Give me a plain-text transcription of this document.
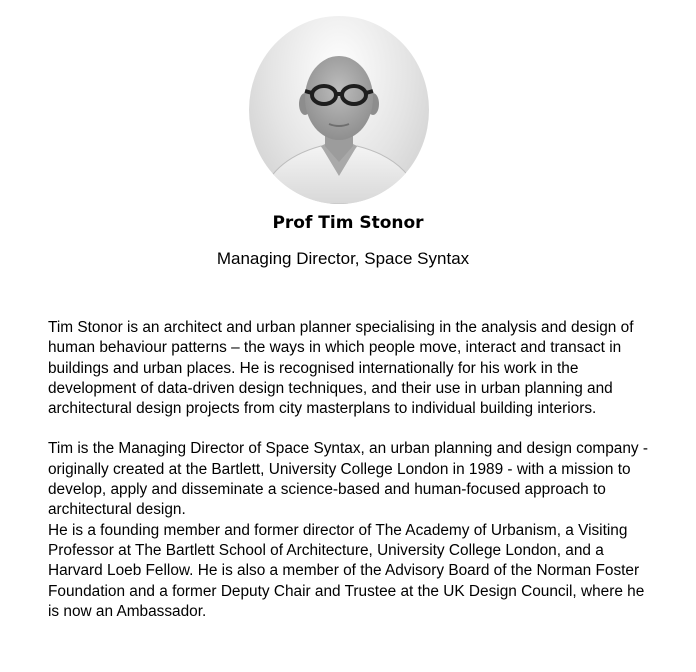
Prof Tim Stonor
Managing Director, Space Syntax

Tim Stonor is an architect and urban planner specialising in the analysis and design of human behaviour patterns – the ways in which people move, interact and transact in buildings and urban places. He is recognised internationally for his work in the development of data-driven design techniques, and their use in urban planning and architectural design projects from city masterplans to individual building interiors.

Tim is the Managing Director of Space Syntax, an urban planning and design company - originally created at the Bartlett, University College London in 1989 - with a mission to develop, apply and disseminate a science-based and human-focused approach to architectural design.

He is a founding member and former director of The Academy of Urbanism, a Visiting Professor at The Bartlett School of Architecture, University College London, and a Harvard Loeb Fellow. He is also a member of the Advisory Board of the Norman Foster Foundation and a former Deputy Chair and Trustee at the UK Design Council, where he is now an Ambassador.
